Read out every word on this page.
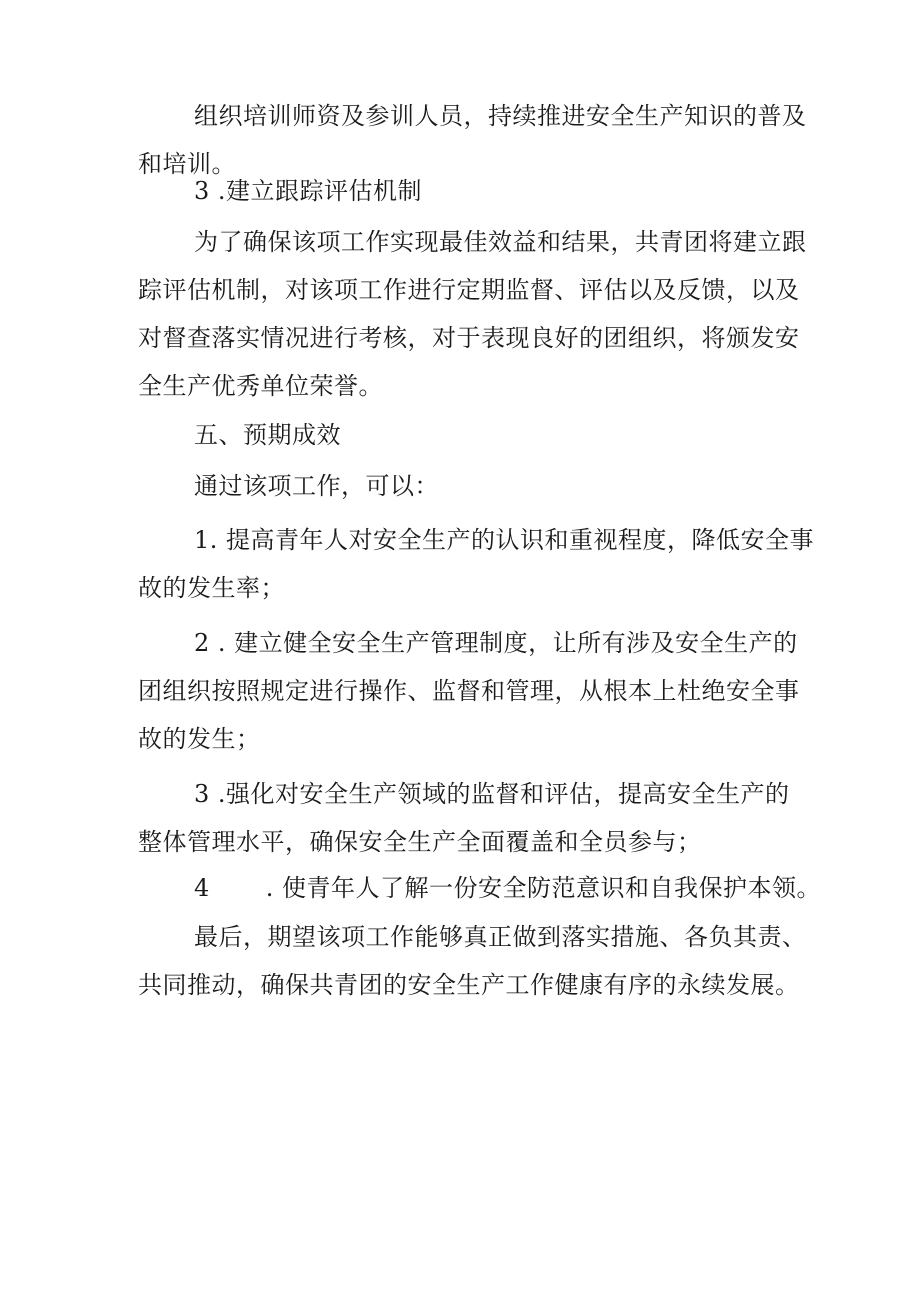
组织培训师资及参训人员，持续推进安全生产知识的普及
和培训。

3 .建立跟踪评估机制

为了确保该项工作实现最佳效益和结果，共青团将建立跟
踪评估机制，对该项工作进行定期监督、评估以及反馈，以及
对督查落实情况进行考核，对于表现良好的团组织，将颁发安
全生产优秀单位荣誉。

五、预期成效

通过该项工作，可以：

1. 提高青年人对安全生产的认识和重视程度，降低安全事
故的发生率；

2 . 建立健全安全生产管理制度，让所有涉及安全生产的
团组织按照规定进行操作、监督和管理，从根本上杜绝安全事
故的发生；

3 .强化对安全生产领域的监督和评估，提高安全生产的
整体管理水平，确保安全生产全面覆盖和全员参与；

4 . 使青年人了解一份安全防范意识和自我保护本领。

最后，期望该项工作能够真正做到落实措施、各负其责、
共同推动，确保共青团的安全生产工作健康有序的永续发展。
